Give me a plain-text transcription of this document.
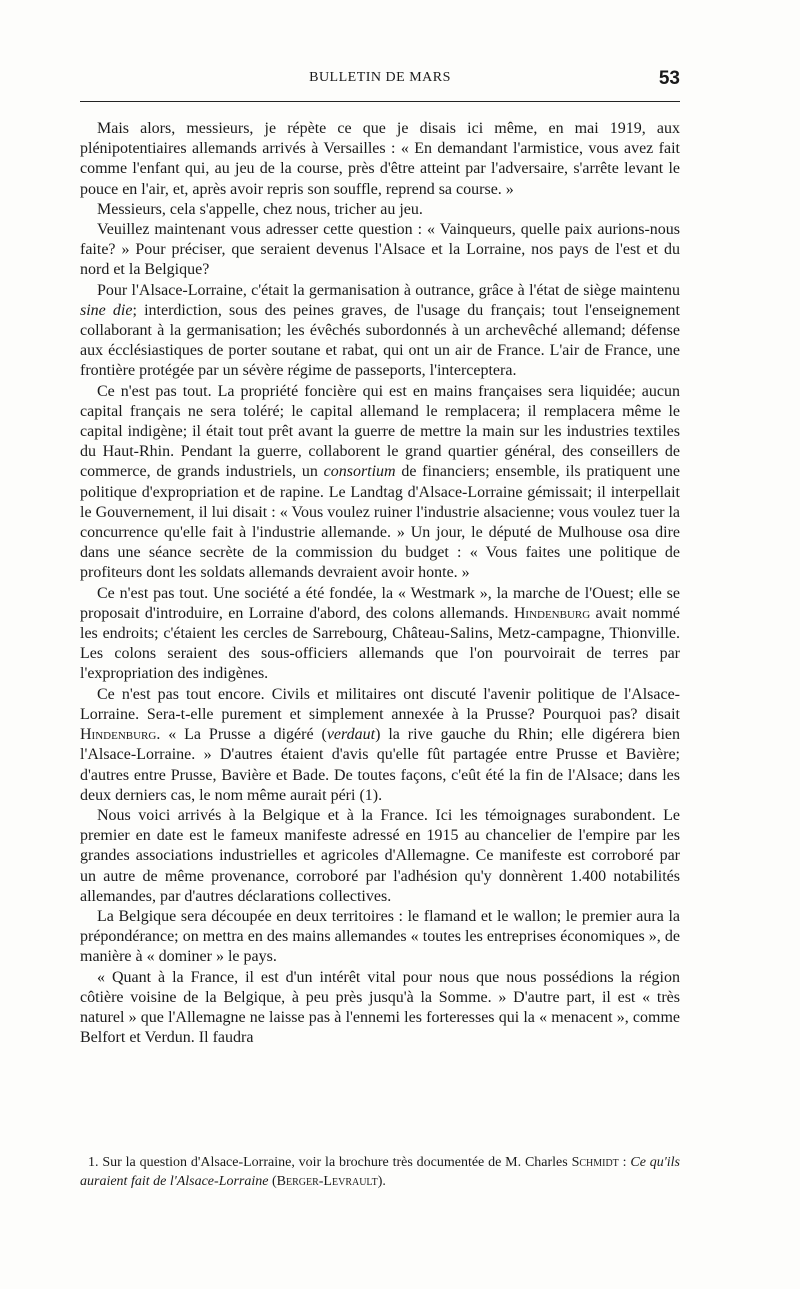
BULLETIN DE MARS	53

Mais alors, messieurs, je répète ce que je disais ici même, en mai 1919, aux plénipotentiaires allemands arrivés à Versailles : « En demandant l'armistice, vous avez fait comme l'enfant qui, au jeu de la course, près d'être atteint par l'adversaire, s'arrête levant le pouce en l'air, et, après avoir repris son souffle, reprend sa course. »

Messieurs, cela s'appelle, chez nous, tricher au jeu.

Veuillez maintenant vous adresser cette question : « Vainqueurs, quelle paix aurions-nous faite? » Pour préciser, que seraient devenus l'Alsace et la Lorraine, nos pays de l'est et du nord et la Belgique?

Pour l'Alsace-Lorraine, c'était la germanisation à outrance, grâce à l'état de siège maintenu sine die; interdiction, sous des peines graves, de l'usage du français; tout l'enseignement collaborant à la germanisation; les évêchés subordonnés à un archevêché allemand; défense aux écclésiastiques de porter soutane et rabat, qui ont un air de France. L'air de France, une frontière protégée par un sévère régime de passeports, l'interceptera.

Ce n'est pas tout. La propriété foncière qui est en mains françaises sera liquidée; aucun capital français ne sera toléré; le capital allemand le remplacera; il remplacera même le capital indigène; il était tout prêt avant la guerre de mettre la main sur les industries textiles du Haut-Rhin. Pendant la guerre, collaborent le grand quartier général, des conseillers de commerce, de grands industriels, un consortium de financiers; ensemble, ils pratiquent une politique d'expropriation et de rapine. Le Landtag d'Alsace-Lorraine gémissait; il interpellait le Gouvernement, il lui disait : « Vous voulez ruiner l'industrie alsacienne; vous voulez tuer la concurrence qu'elle fait à l'industrie allemande. » Un jour, le député de Mulhouse osa dire dans une séance secrète de la commission du budget : « Vous faites une politique de profiteurs dont les soldats allemands devraient avoir honte. »

Ce n'est pas tout. Une société a été fondée, la « Westmark », la marche de l'Ouest; elle se proposait d'introduire, en Lorraine d'abord, des colons allemands. Hindenburg avait nommé les endroits; c'étaient les cercles de Sarrebourg, Château-Salins, Metz-campagne, Thionville. Les colons seraient des sous-officiers allemands que l'on pourvoirait de terres par l'expropriation des indigènes.

Ce n'est pas tout encore. Civils et militaires ont discuté l'avenir politique de l'Alsace-Lorraine. Sera-t-elle purement et simplement annexée à la Prusse? Pourquoi pas? disait Hindenburg. « La Prusse a digéré (verdaut) la rive gauche du Rhin; elle digérera bien l'Alsace-Lorraine. » D'autres étaient d'avis qu'elle fût partagée entre Prusse et Bavière; d'autres entre Prusse, Bavière et Bade. De toutes façons, c'eût été la fin de l'Alsace; dans les deux derniers cas, le nom même aurait péri (1).

Nous voici arrivés à la Belgique et à la France. Ici les témoignages surabondent. Le premier en date est le fameux manifeste adressé en 1915 au chancelier de l'empire par les grandes associations industrielles et agricoles d'Allemagne. Ce manifeste est corroboré par un autre de même provenance, corroboré par l'adhésion qu'y donnèrent 1.400 notabilités allemandes, par d'autres déclarations collectives.

La Belgique sera découpée en deux territoires : le flamand et le wallon; le premier aura la prépondérance; on mettra en des mains allemandes « toutes les entreprises économiques », de manière à « dominer » le pays.

« Quant à la France, il est d'un intérêt vital pour nous que nous possédions la région côtière voisine de la Belgique, à peu près jusqu'à la Somme. » D'autre part, il est « très naturel » que l'Allemagne ne laisse pas à l'ennemi les forteresses qui la « menacent », comme Belfort et Verdun. Il faudra

1. Sur la question d'Alsace-Lorraine, voir la brochure très documentée de M. Charles Schmidt : Ce qu'ils auraient fait de l'Alsace-Lorraine (Berger-Levrault).
